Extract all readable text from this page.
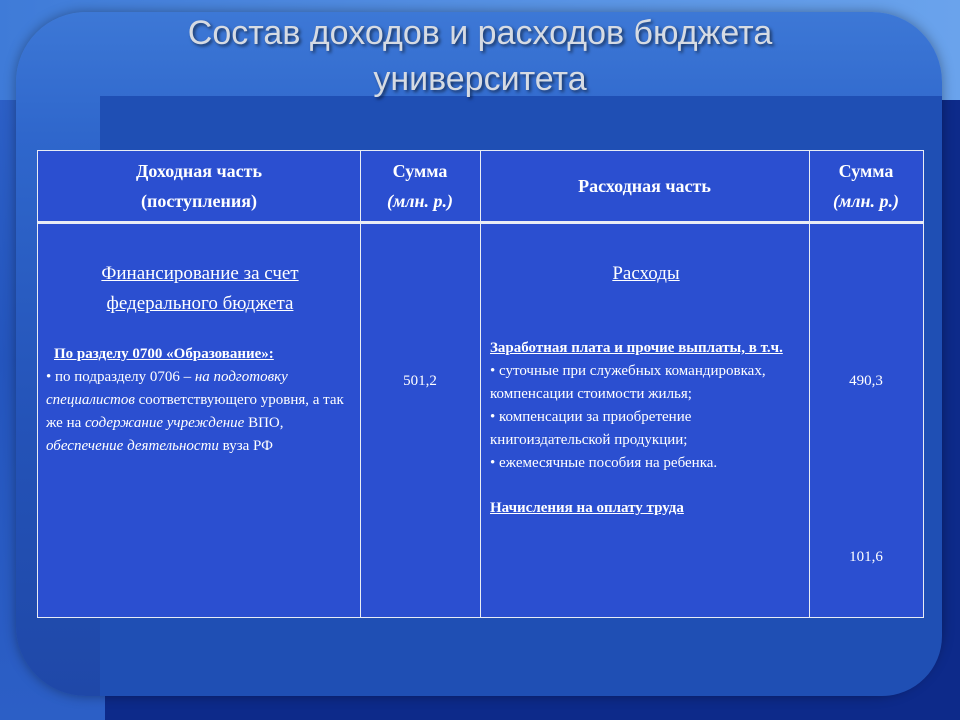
Состав доходов и расходов бюджета
университета
Доходная часть
(поступления)
Сумма
(млн. р.)
Расходная часть
Сумма
(млн. р.)
Финансирование за счет
федерального бюджета
По разделу 0700 «Образование»:
• по подразделу 0706 – на подготовку специалистов соответствующего уровня, а так же на содержание учреждение ВПО, обеспечение деятельности вуза РФ
501,2
Расходы
Заработная плата и прочие выплаты, в т.ч.
• суточные при служебных командировках, компенсации стоимости жилья;
• компенсации за приобретение книгоиздательской продукции;
• ежемесячные пособия на ребенка.
Начисления на оплату труда
490,3
101,6
